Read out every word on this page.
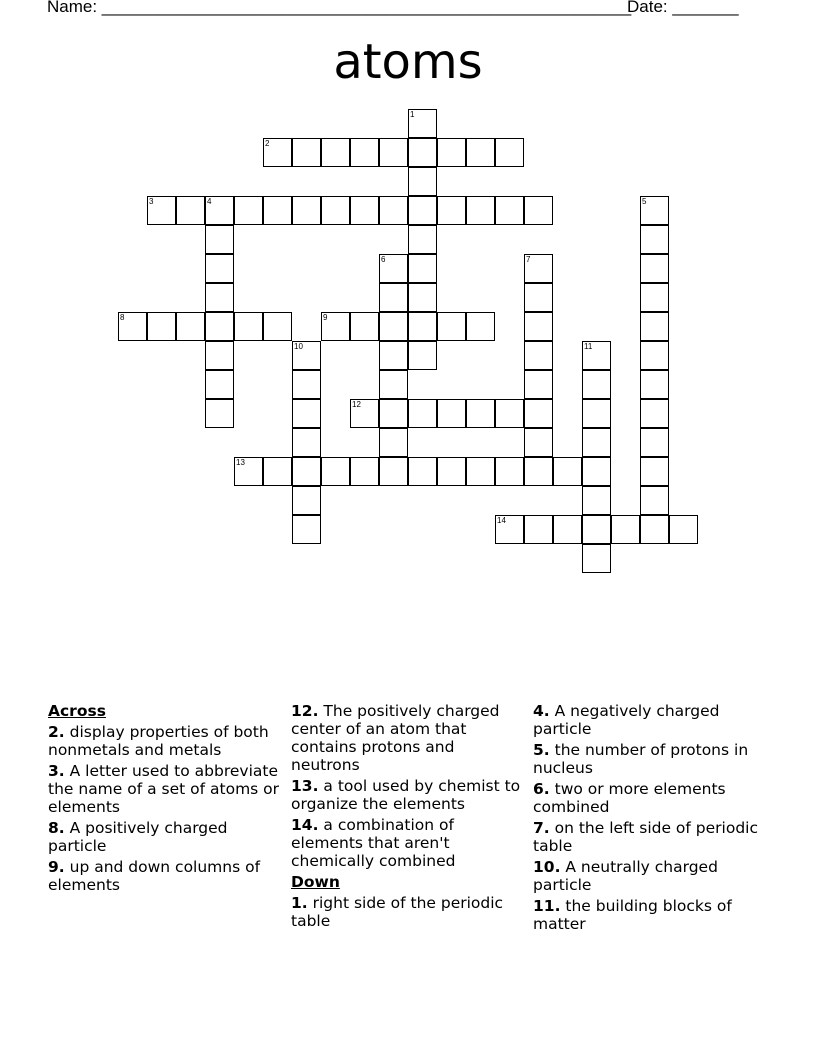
Name: ________________________________________________________
Date: _______
atoms
1
2
3	4	5
6	7
8	9
10	11
12
13
14
Across
2. display properties of both nonmetals and metals
3. A letter used to abbreviate the name of a set of atoms or elements
8. A positively charged particle
9. up and down columns of elements
12. The positively charged center of an atom that contains protons and neutrons
13. a tool used by chemist to organize the elements
14. a combination of elements that aren't chemically combined
Down
1. right side of the periodic table
4. A negatively charged particle
5. the number of protons in nucleus
6. two or more elements combined
7. on the left side of periodic table
10. A neutrally charged particle
11. the building blocks of matter
